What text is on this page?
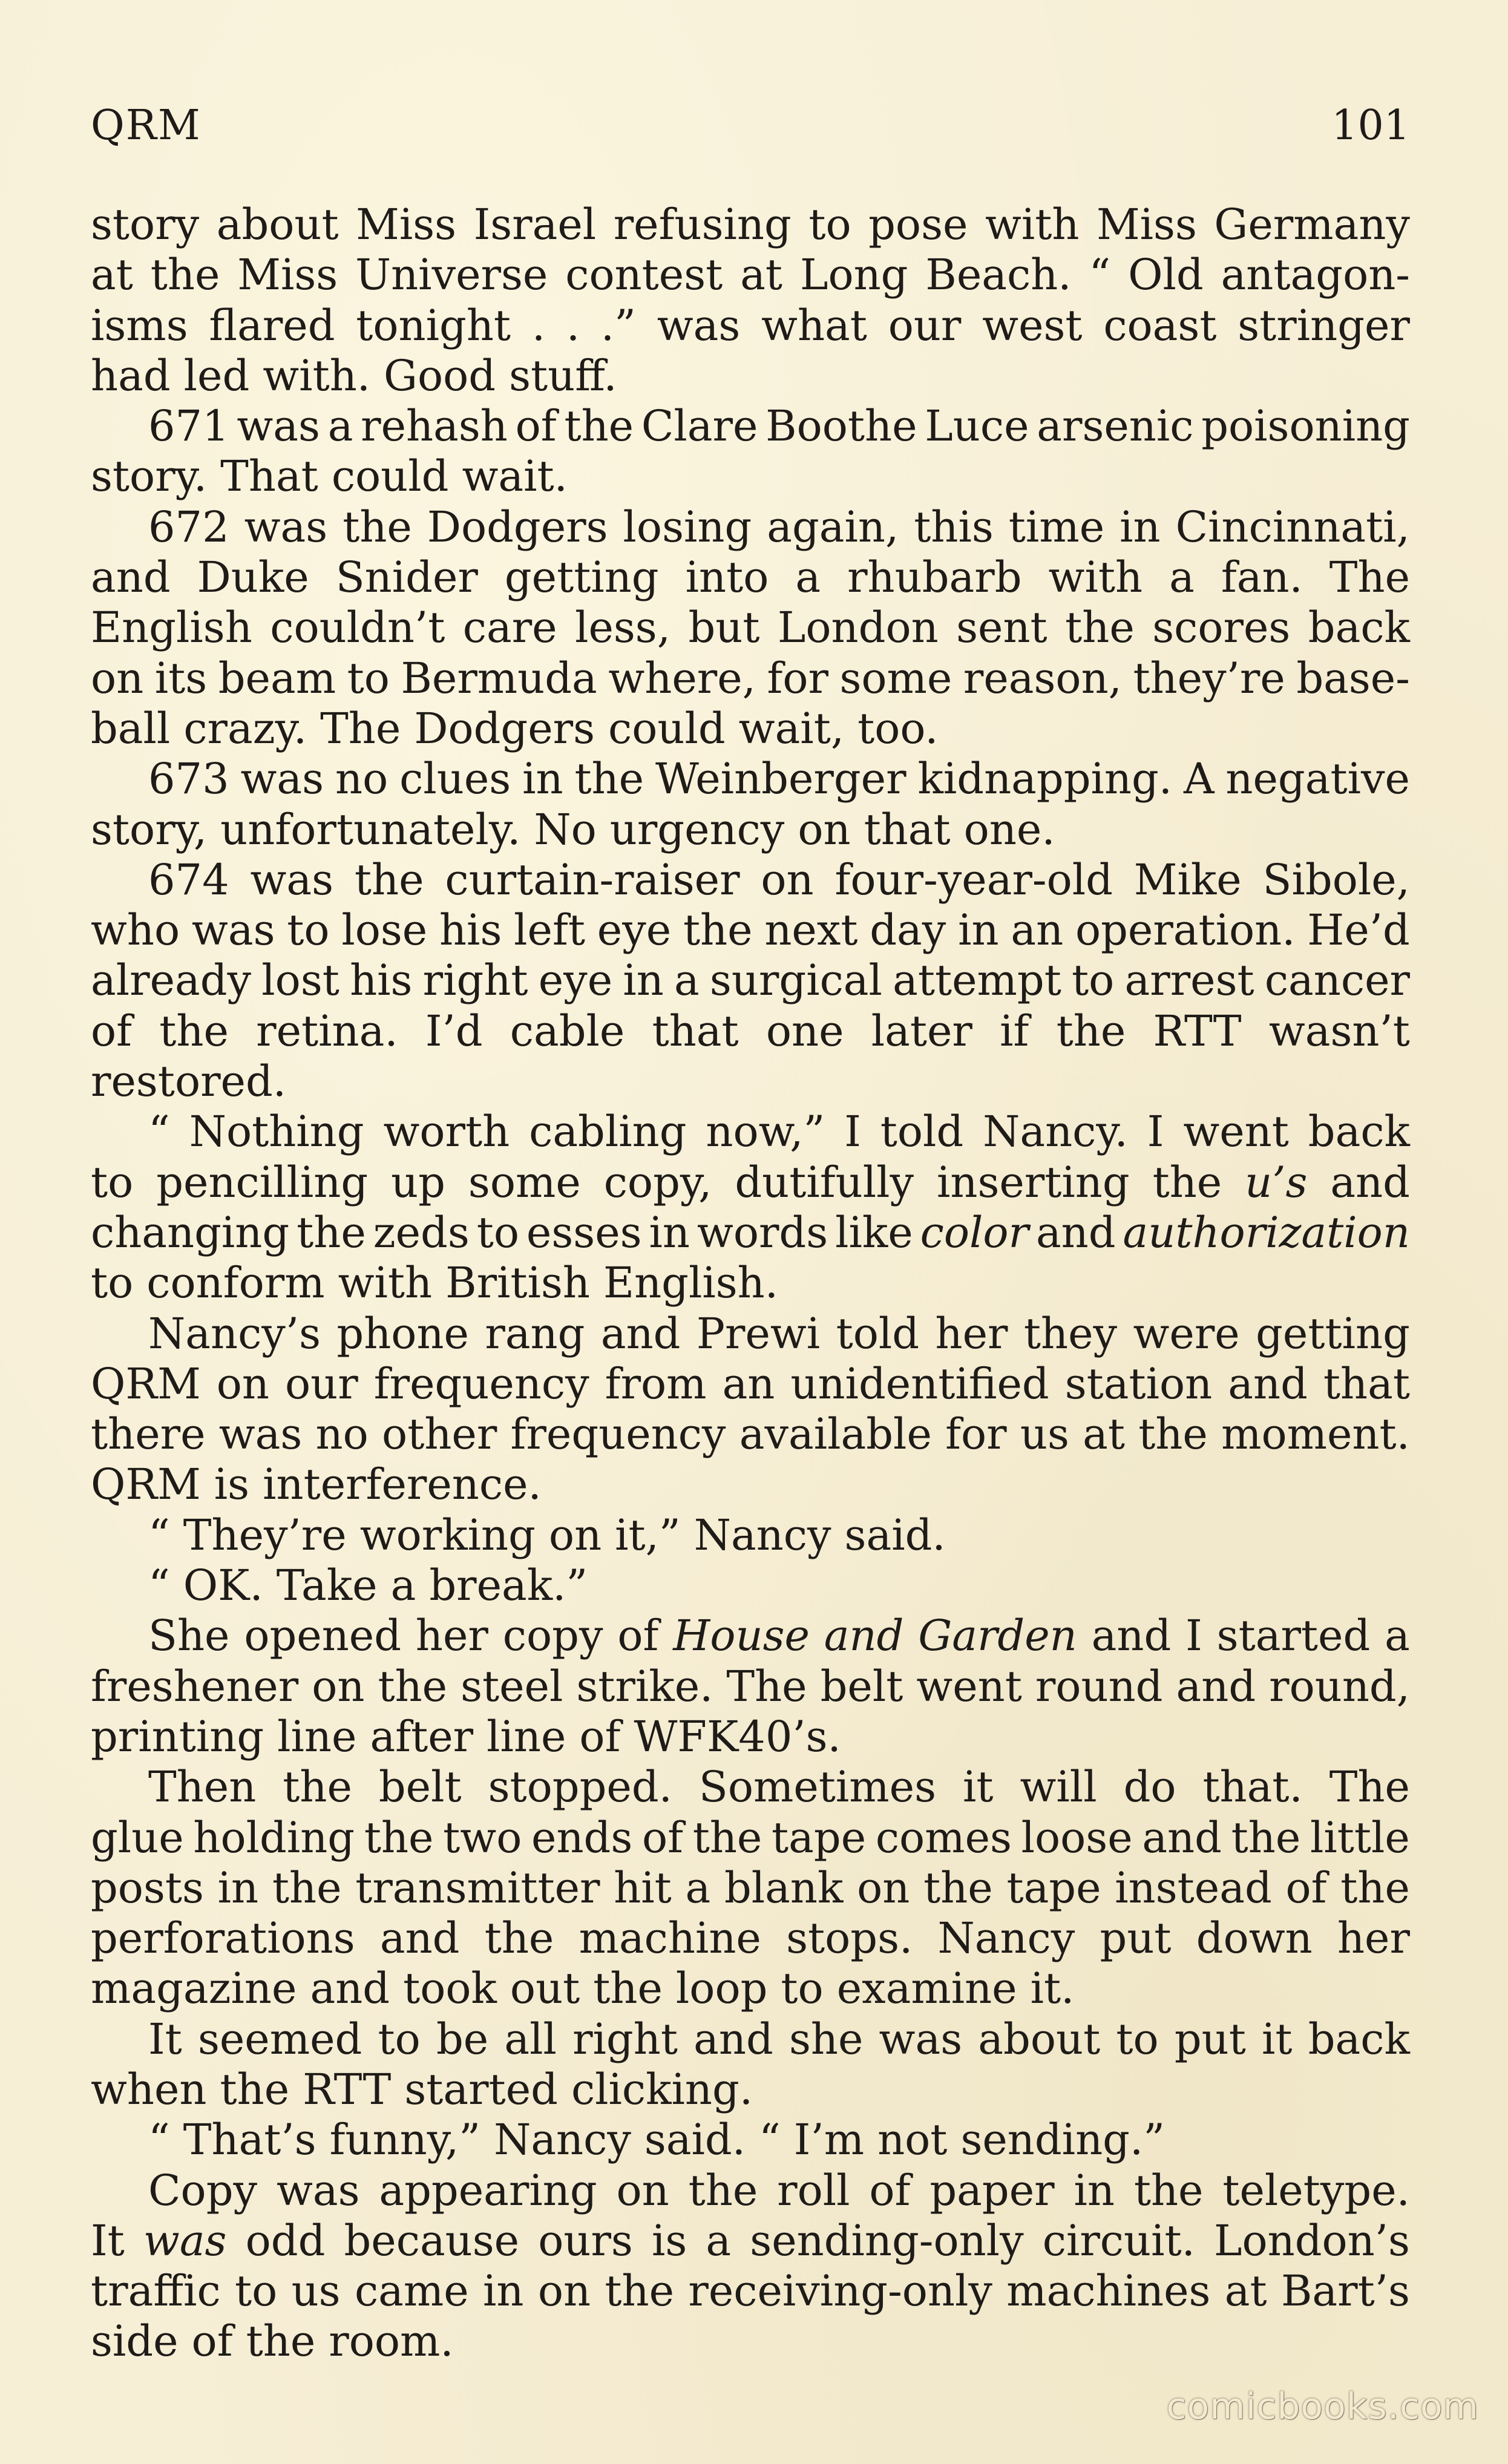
QRM	101
story about Miss Israel refusing to pose with Miss Germany
at the Miss Universe contest at Long Beach. “ Old antagon-
isms flared tonight . . .” was what our west coast stringer
had led with. Good stuff.
671 was a rehash of the Clare Boothe Luce arsenic poisoning
story. That could wait.
672 was the Dodgers losing again, this time in Cincinnati,
and Duke Snider getting into a rhubarb with a fan. The
English couldn’t care less, but London sent the scores back
on its beam to Bermuda where, for some reason, they’re base-
ball crazy. The Dodgers could wait, too.
673 was no clues in the Weinberger kidnapping. A negative
story, unfortunately. No urgency on that one.
674 was the curtain-raiser on four-year-old Mike Sibole,
who was to lose his left eye the next day in an operation. He’d
already lost his right eye in a surgical attempt to arrest cancer
of the retina. I’d cable that one later if the RTT wasn’t
restored.
“ Nothing worth cabling now,” I told Nancy. I went back
to pencilling up some copy, dutifully inserting the u’s and
changing the zeds to esses in words like color and authorization
to conform with British English.
Nancy’s phone rang and Prewi told her they were getting
QRM on our frequency from an unidentified station and that
there was no other frequency available for us at the moment.
QRM is interference.
“ They’re working on it,” Nancy said.
“ OK. Take a break.”
She opened her copy of House and Garden and I started a
freshener on the steel strike. The belt went round and round,
printing line after line of WFK40’s.
Then the belt stopped. Sometimes it will do that. The
glue holding the two ends of the tape comes loose and the little
posts in the transmitter hit a blank on the tape instead of the
perforations and the machine stops. Nancy put down her
magazine and took out the loop to examine it.
It seemed to be all right and she was about to put it back
when the RTT started clicking.
“ That’s funny,” Nancy said. “ I’m not sending.”
Copy was appearing on the roll of paper in the teletype.
It was odd because ours is a sending-only circuit. London’s
traffic to us came in on the receiving-only machines at Bart’s
side of the room.
comicbooks.com
